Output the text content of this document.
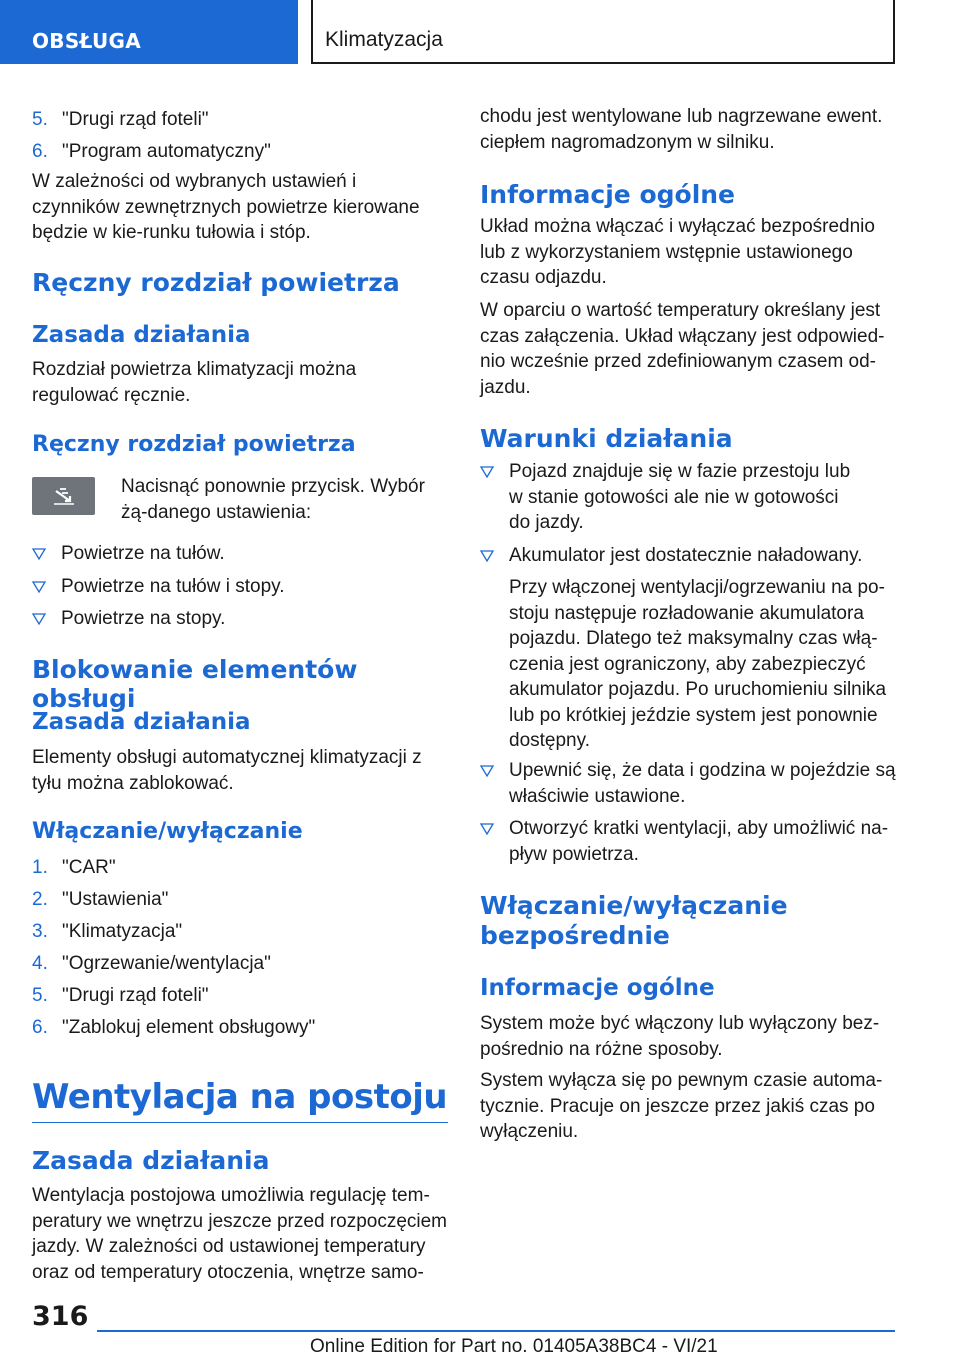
OBSŁUGA	Klimatyzacja
5. "Drugi rząd foteli"
6. "Program automatyczny"

W zależności od wybranych ustawień i czynników zewnętrznych powietrze kierowane będzie w kie-runku tułowia i stóp.

Ręczny rozdział powietrza
Zasada działania

Rozdział powietrza klimatyzacji można regulować ręcznie.

Ręczny rozdział powietrza

Nacisnąć ponownie przycisk. Wybór żą-danego ustawienia:

Powietrze na tułów.

Powietrze na tułów i stopy.

Powietrze na stopy.

Blokowanie elementów obsługi
Zasada działania

Elementy obsługi automatycznej klimatyzacji z tyłu można zablokować.

Włączanie/wyłączanie
1. "CAR"
2. "Ustawienia"
3. "Klimatyzacja"
4. "Ogrzewanie/wentylacja"
5. "Drugi rząd foteli"
6. "Zablokuj element obsługowy"
Wentylacja na postoju
Zasada działania

Wentylacja postojowa umożliwia regulację tem-peratury we wnętrzu jeszcze przed rozpoczęciem jazdy. W zależności od ustawionej temperatury oraz od temperatury otoczenia, wnętrze samo-

chodu jest wentylowane lub nagrzewane ewent. ciepłem nagromadzonym w silniku.

Informacje ogólne

Układ można włączać i wyłączać bezpośrednio lub z wykorzystaniem wstępnie ustawionego czasu odjazdu.

W oparciu o wartość temperatury określany jest czas załączenia. Układ włączany jest odpowied-nio wcześnie przed zdefiniowanym czasem od-jazdu.

Warunki działania

Pojazd znajduje się w fazie przestoju lub w stanie gotowości ale nie w gotowości do jazdy.

Akumulator jest dostatecznie naładowany.

Przy włączonej wentylacji/ogrzewaniu na po-stoju następuje rozładowanie akumulatora pojazdu. Dlatego też maksymalny czas włą-czenia jest ograniczony, aby zabezpieczyć akumulator pojazdu. Po uruchomieniu silnika lub po krótkiej jeździe system jest ponownie dostępny.

Upewnić się, że data i godzina w pojeździe są właściwie ustawione.

Otworzyć kratki wentylacji, aby umożliwić na-pływ powietrza.

Włączanie/wyłączanie
bezpośrednie
Informacje ogólne

System może być włączony lub wyłączony bez-pośrednio na różne sposoby.

System wyłącza się po pewnym czasie automa-tycznie. Pracuje on jeszcze przez jakiś czas po wyłączeniu.

316
Online Edition for Part no. 01405A38BC4 - VI/21
